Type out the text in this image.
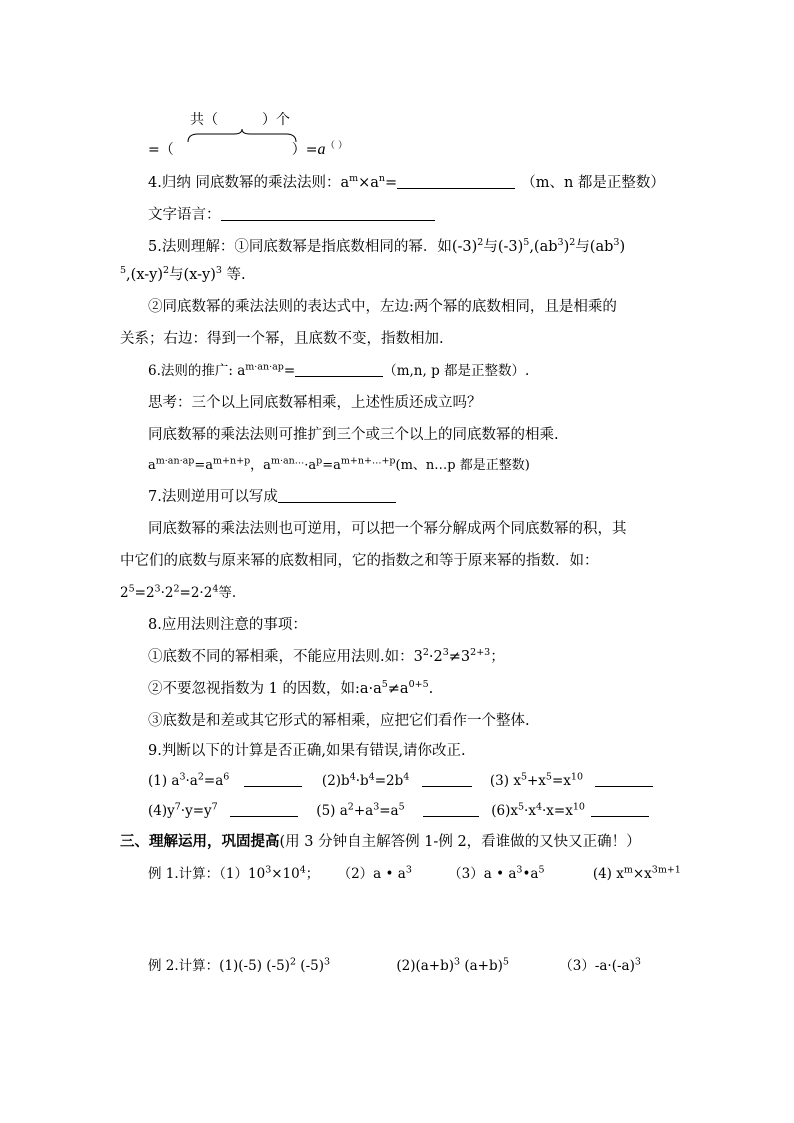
共（	）个
=（	）=a（ ）
4.归纳 同底数幂的乘法法则：$a^m\times a^n=$	（m、n 都是正整数）
文字语言：
5.法则理解：①同底数幂是指底数相同的幂．如$(-3)^2$与$(-3)^5,(ab^3)^2$与$(ab^3)$
$^5,(x-y)^2$与$(x-y)^3$ 等.
②同底数幂的乘法法则的表达式中，左边:两个幂的底数相同，且是相乘的
关系；右边：得到一个幂，且底数不变，指数相加.
6.法则的推广: $a^{m\cdot an\cdot ap}=$	（m,n, p 都是正整数）.
思考：三个以上同底数幂相乘，上述性质还成立吗？
同底数幂的乘法法则可推扩到三个或三个以上的同底数幂的相乘.
$a^{m\cdot an\cdot ap}=a^{m+n+p}$，$a^{m\cdot an\dots}\cdot a^p=a^{m+n+\dots+p}(m$、n…p 都是正整数)
7.法则逆用可以写成
同底数幂的乘法法则也可逆用，可以把一个幂分解成两个同底数幂的积，其
中它们的底数与原来幂的底数相同，它的指数之和等于原来幂的指数．如：
$2^5=2^3\cdot 2^2=2\cdot 2^4$等.
8.应用法则注意的事项：
①底数不同的幂相乘，不能应用法则.如：$3^2\cdot 2^3\ne 3^{2+3}$；
②不要忽视指数为 1 的因数，如$:a\cdot a^5\ne a^{0+5}$.
③底数是和差或其它形式的幂相乘，应把它们看作一个整体.
9.判断以下的计算是否正确,如果有错误,请你改正.
(1) $a^3\cdot a^2=a^6$	$(2)b^4\cdot b^4=2b^4$	(3) $x^5+x^5=x^{10}$
$(4)y^7\cdot y=y^7$	(5) $a^2+a^3=a^5$	$(6)x^5\cdot x^4\cdot x=x^{10}$
三、理解运用，巩固提高(用 3 分钟自主解答例 1-例 2，看谁做的又快又正确！）
例 1.计算：$(1)10^3\times 10^4$； （2）a • $a^3$	（3）a • $a^3•a^5$	(4) $x^m\times x^{3m+1}$
例 2.计算：(1)(-5) $(-5)^2$ $(-5)^3$	$(2)(a+b)^3$ $(a+b)^5$	$(3)-a\cdot(-a)^3$
